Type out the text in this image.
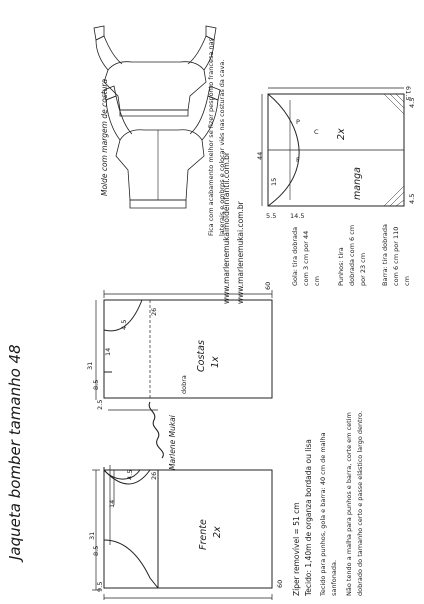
Jaqueta bomber tamanho 48
www.marlenemukai.com.br
www.marlenemukaimoldeinfantil.com.br
Frente 2x
31
14
8.5
9.5	60
26
4.5
Costas 1x
31
14
8.5
2.5
60
26
4.5
dobra
manga
2x
61.5
4.5
4.5
44
5.5 14.5
15
F
C
P
Molde com margem de costura	Fica com acabamento melhor se fizer pesponto francesa nas laterais e ombros e colocar viés nas costuras da cava.
Zíper removível = 51 cm Tecido: 1,40m de organza bordada ou lisa Tecido para punhos, gola e barra: 40 cm de malha sanfonada.	Não tendo a malha para punhos e barra, corte em cetim dobrado do tamanho certo e passe elástico largo dentro.
Gola: tira dobrada com 3 cm por 44 cm	Punhos: tira dobrada com 6 cm por 23 cm	Barra: tira dobrada com 6 cm por 110 cm
Marlene Mukai
